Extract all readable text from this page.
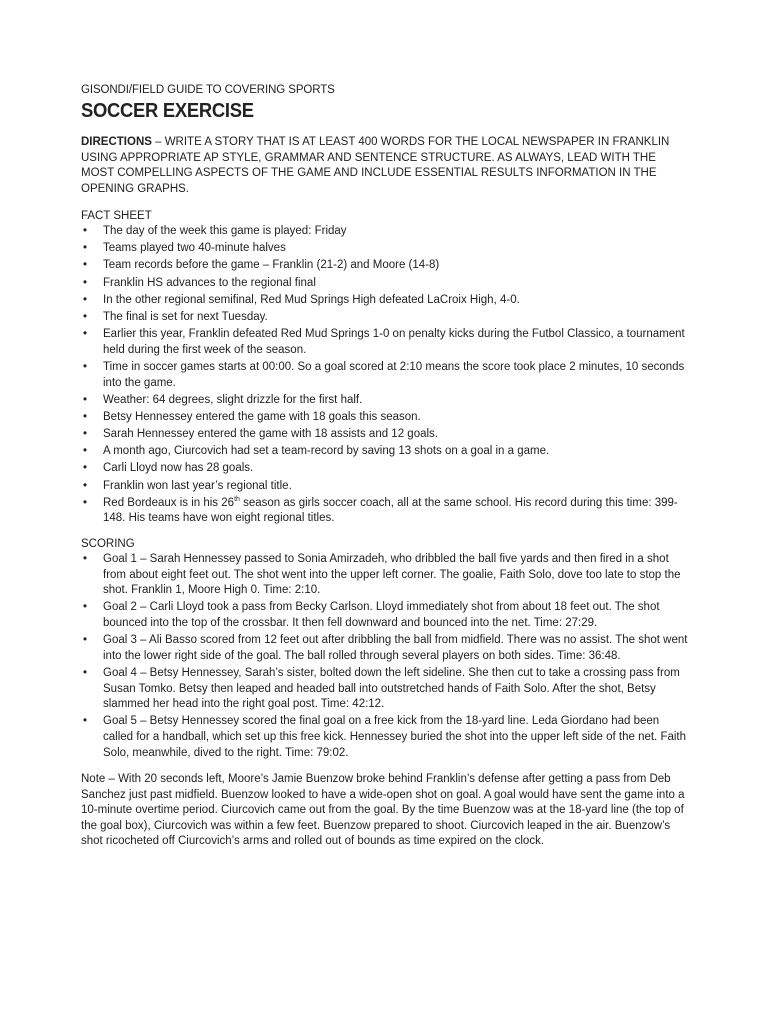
GISONDI/FIELD GUIDE TO COVERING SPORTS
SOCCER EXERCISE
DIRECTIONS – WRITE A STORY THAT IS AT LEAST 400 WORDS FOR THE LOCAL NEWSPAPER IN FRANKLIN USING APPROPRIATE AP STYLE, GRAMMAR AND SENTENCE STRUCTURE. AS ALWAYS, LEAD WITH THE MOST COMPELLING ASPECTS OF THE GAME AND INCLUDE ESSENTIAL RESULTS INFORMATION IN THE OPENING GRAPHS.
FACT SHEET
• The day of the week this game is played: Friday
• Teams played two 40-minute halves
• Team records before the game – Franklin (21-2) and Moore (14-8)
• Franklin HS advances to the regional final
• In the other regional semifinal, Red Mud Springs High defeated LaCroix High, 4-0.
• The final is set for next Tuesday.
• Earlier this year, Franklin defeated Red Mud Springs 1-0 on penalty kicks during the Futbol Classico, a tournament held during the first week of the season.
• Time in soccer games starts at 00:00. So a goal scored at 2:10 means the score took place 2 minutes, 10 seconds into the game.
• Weather: 64 degrees, slight drizzle for the first half.
• Betsy Hennessey entered the game with 18 goals this season.
• Sarah Hennessey entered the game with 18 assists and 12 goals.
• A month ago, Ciurcovich had set a team-record by saving 13 shots on a goal in a game.
• Carli Lloyd now has 28 goals.
• Franklin won last year’s regional title.
• Red Bordeaux is in his 26th season as girls soccer coach, all at the same school. His record during this time: 399-148. His teams have won eight regional titles.
SCORING
• Goal 1 – Sarah Hennessey passed to Sonia Amirzadeh, who dribbled the ball five yards and then fired in a shot from about eight feet out. The shot went into the upper left corner. The goalie, Faith Solo, dove too late to stop the shot. Franklin 1, Moore High 0. Time: 2:10.
• Goal 2 – Carli Lloyd took a pass from Becky Carlson. Lloyd immediately shot from about 18 feet out. The shot bounced into the top of the crossbar. It then fell downward and bounced into the net. Time: 27:29.
• Goal 3 – Ali Basso scored from 12 feet out after dribbling the ball from midfield. There was no assist. The shot went into the lower right side of the goal. The ball rolled through several players on both sides. Time: 36:48.
• Goal 4 – Betsy Hennessey, Sarah’s sister, bolted down the left sideline. She then cut to take a crossing pass from Susan Tomko. Betsy then leaped and headed ball into outstretched hands of Faith Solo. After the shot, Betsy slammed her head into the right goal post. Time: 42:12.
• Goal 5 – Betsy Hennessey scored the final goal on a free kick from the 18-yard line. Leda Giordano had been called for a handball, which set up this free kick. Hennessey buried the shot into the upper left side of the net. Faith Solo, meanwhile, dived to the right. Time: 79:02.
Note – With 20 seconds left, Moore’s Jamie Buenzow broke behind Franklin’s defense after getting a pass from Deb Sanchez just past midfield. Buenzow looked to have a wide-open shot on goal. A goal would have sent the game into a 10-minute overtime period. Ciurcovich came out from the goal. By the time Buenzow was at the 18-yard line (the top of the goal box), Ciurcovich was within a few feet. Buenzow prepared to shoot. Ciurcovich leaped in the air. Buenzow’s shot ricocheted off Ciurcovich’s arms and rolled out of bounds as time expired on the clock.
